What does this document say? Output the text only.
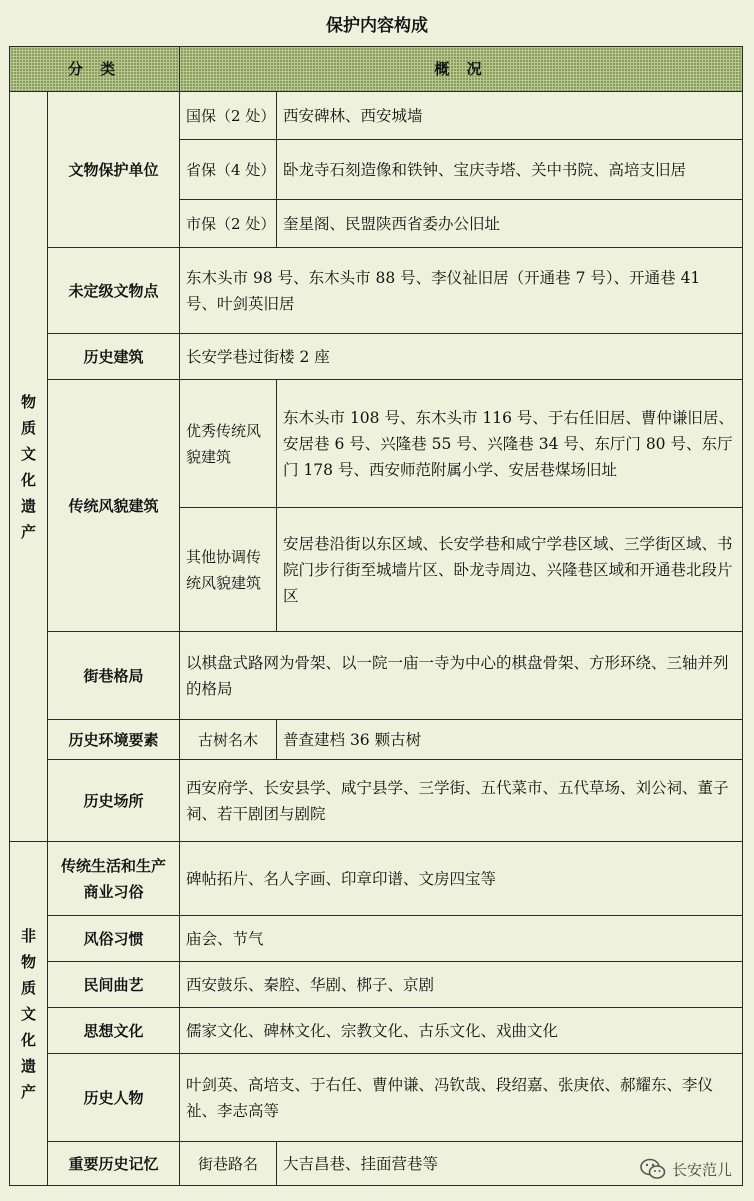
保护内容构成
分 类		概 况	

物质文化遗产	文物保护单位	国保（2 处）	西安碑林、西安城墙
		省保（4 处）	卧龙寺石刻造像和铁钟、宝庆寺塔、关中书院、高培支旧居
		市保（2 处）	奎星阁、民盟陕西省委办公旧址
	未定级文物点	东木头市 98 号、东木头市 88 号、李仪祉旧居（开通巷 7 号）、开通巷 41 号、叶剑英旧居	
	历史建筑	长安学巷过街楼 2 座	
	传统风貌建筑	优秀传统风貌建筑	东木头市 108 号、东木头市 116 号、于右任旧居、曹仲谦旧居、安居巷 6 号、兴隆巷 55 号、兴隆巷 34 号、东厅门 80 号、东厅门 178 号、西安师范附属小学、安居巷煤场旧址
		其他协调传统风貌建筑	安居巷沿街以东区域、长安学巷和咸宁学巷区域、三学街区域、书院门步行街至城墙片区、卧龙寺周边、兴隆巷区域和开通巷北段片区
	街巷格局	以棋盘式路网为骨架、以一院一庙一寺为中心的棋盘骨架、方形环绕、三轴并列的格局	
	历史环境要素	古树名木	普查建档 36 颗古树
	历史场所	西安府学、长安县学、咸宁县学、三学街、五代菜市、五代草场、刘公祠、董子祠、若干剧团与剧院	

非物质文化遗产	传统生活和生产商业习俗	碑帖拓片、名人字画、印章印谱、文房四宝等	
	风俗习惯	庙会、节气	
	民间曲艺	西安鼓乐、秦腔、华剧、梆子、京剧	
	思想文化	儒家文化、碑林文化、宗教文化、古乐文化、戏曲文化	
	历史人物	叶剑英、高培支、于右任、曹仲谦、冯钦哉、段绍嘉、张庚依、郝耀东、李仪祉、李志高等	
	重要历史记忆	街巷路名	大吉昌巷、挂面营巷等	长安范儿
